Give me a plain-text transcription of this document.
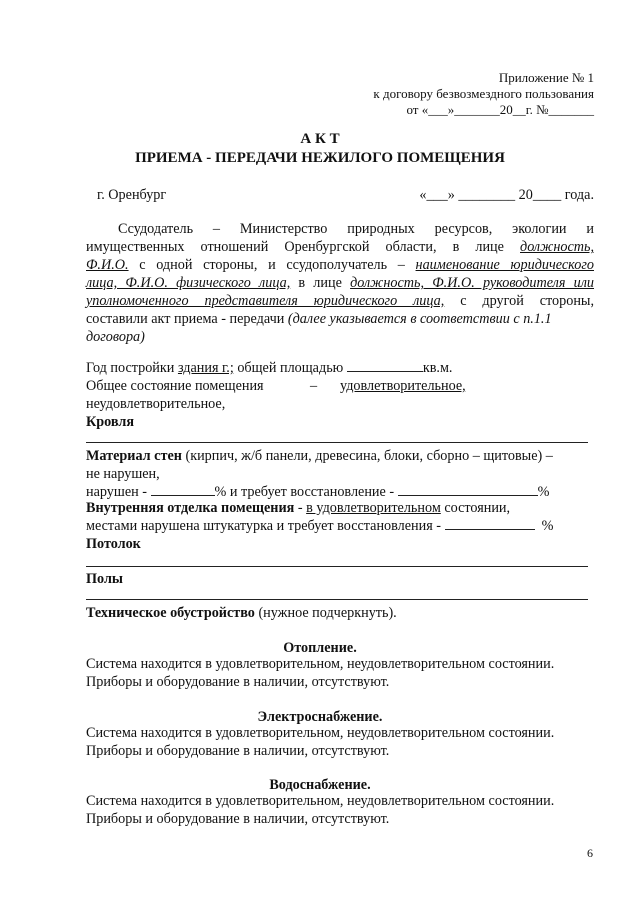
Приложение № 1
к договору безвозмездного пользования
от «___»_______20__г. №_______
А К Т
ПРИЕМА - ПЕРЕДАЧИ НЕЖИЛОГО ПОМЕЩЕНИЯ
г. Оренбург	«___» ________ 20____ года.
Ссудодатель – Министерство природных ресурсов, экологии и
имущественных отношений Оренбургской области, в лице должность,
Ф.И.О. с одной стороны, и ссудополучатель – наименование юридического
лица, Ф.И.О. физического лица, в лице должность, Ф.И.О. руководителя или
уполномоченного представителя юридического лица, с другой стороны,
составили акт приема - передачи (далее указывается в соответствии с п.1.1
договора)
Год постройки здания г.; общей площадью	кв.м.
Общее состояние помещения	– удовлетворительное,
неудовлетворительное,
Кровля
Материал стен (кирпич, ж/б панели, древесина, блоки, сборно – щитовые) –
не нарушен,
нарушен -	% и требует восстановление -	%
Внутренняя отделка помещения - в удовлетворительном состоянии,
местами нарушена штукатурка и требует восстановления -	%
Потолок
Полы
Техническое обустройство (нужное подчеркнуть).
Отопление.
Система находится в удовлетворительном, неудовлетворительном состоянии.
Приборы и оборудование в наличии, отсутствуют.
Электроснабжение.
Система находится в удовлетворительном, неудовлетворительном состоянии.
Приборы и оборудование в наличии, отсутствуют.
Водоснабжение.
Система находится в удовлетворительном, неудовлетворительном состоянии.
Приборы и оборудование в наличии, отсутствуют.
6
